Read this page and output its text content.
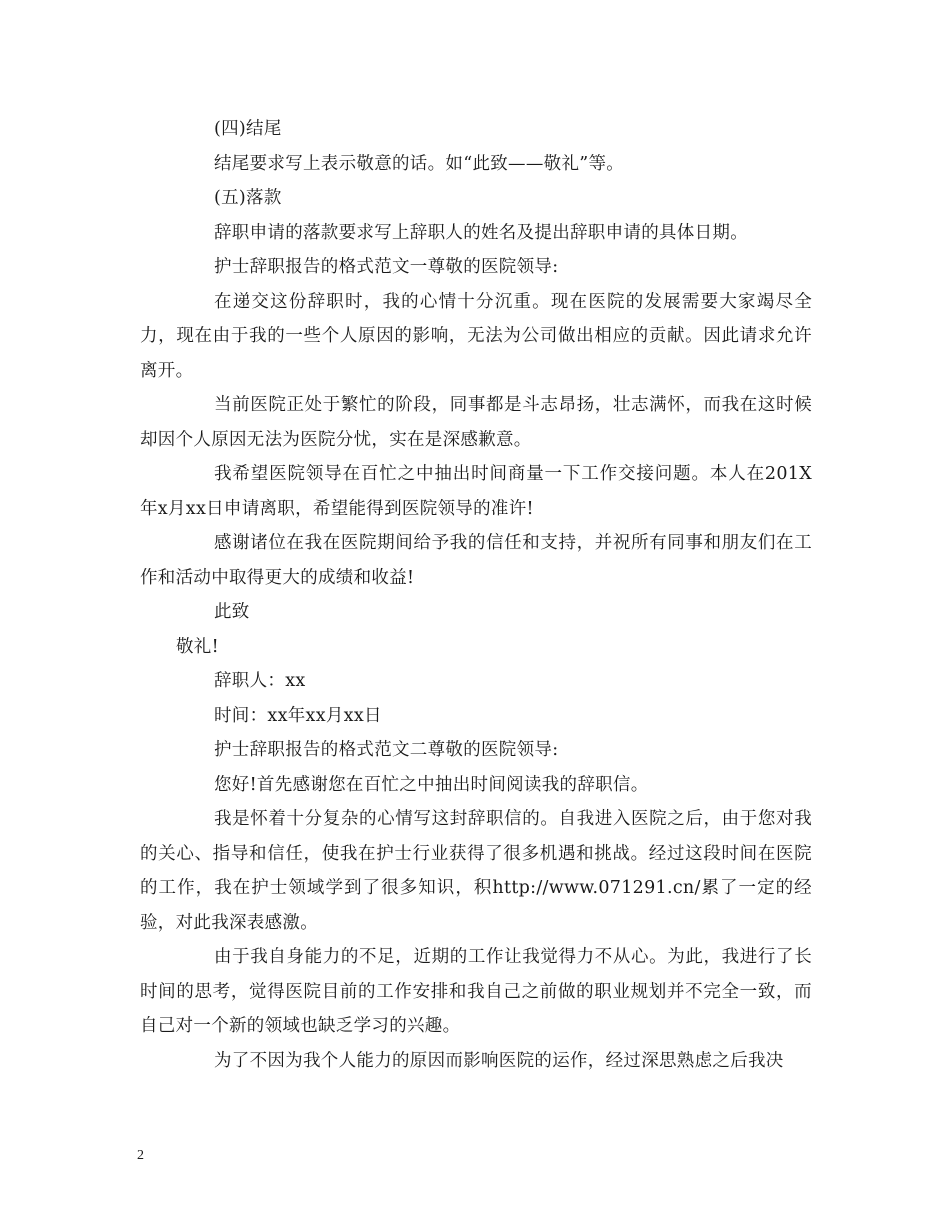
(四)结尾

结尾要求写上表示敬意的话。如“此致——敬礼”等。

(五)落款

辞职申请的落款要求写上辞职人的姓名及提出辞职申请的具体日期。

护士辞职报告的格式范文一尊敬的医院领导:

在递交这份辞职时，我的心情十分沉重。现在医院的发展需要大家竭尽全力，现在由于我的一些个人原因的影响，无法为公司做出相应的贡献。因此请求允许离开。

当前医院正处于繁忙的阶段，同事都是斗志昂扬，壮志满怀，而我在这时候却因个人原因无法为医院分忧，实在是深感歉意。

我希望医院领导在百忙之中抽出时间商量一下工作交接问题。本人在201X年x月xx日申请离职，希望能得到医院领导的准许!

感谢诸位在我在医院期间给予我的信任和支持，并祝所有同事和朋友们在工作和活动中取得更大的成绩和收益!

此致

敬礼!

辞职人：xx

时间：xx年xx月xx日

护士辞职报告的格式范文二尊敬的医院领导:

您好!首先感谢您在百忙之中抽出时间阅读我的辞职信。

我是怀着十分复杂的心情写这封辞职信的。自我进入医院之后，由于您对我的关心、指导和信任，使我在护士行业获得了很多机遇和挑战。经过这段时间在医院的工作，我在护士领域学到了很多知识，积http://www.071291.cn/累了一定的经验，对此我深表感激。

由于我自身能力的不足，近期的工作让我觉得力不从心。为此，我进行了长时间的思考，觉得医院目前的工作安排和我自己之前做的职业规划并不完全一致，而自己对一个新的领域也缺乏学习的兴趣。

为了不因为我个人能力的原因而影响医院的运作，经过深思熟虑之后我决

2
